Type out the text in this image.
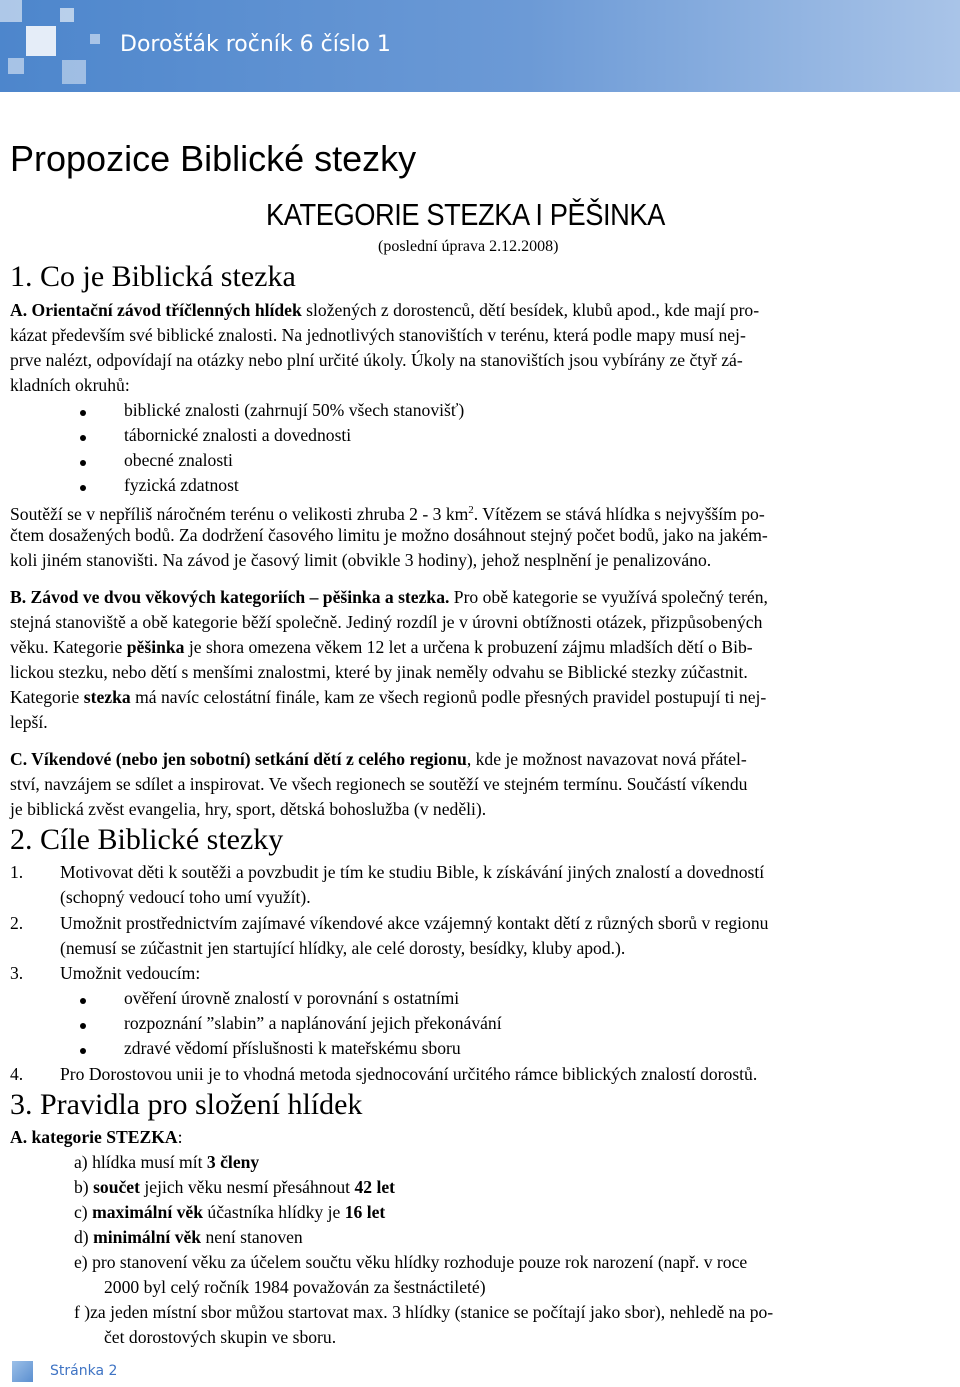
Dorošťák ročník 6 číslo 1
Propozice Biblické stezky
KATEGORIE STEZKA I PĚŠINKA
(poslední úprava 2.12.2008)
1. Co je Biblická stezka
A. Orientační závod tříčlenných hlídek složených z dorostenců, dětí besídek, klubů apod., kde mají pro-
kázat především své biblické znalosti. Na jednotlivých stanovištích v terénu, která podle mapy musí nej-
prve nalézt, odpovídají na otázky nebo plní určité úkoly. Úkoly na stanovištích jsou vybírány ze čtyř zá-
kladních okruhů:
biblické znalosti (zahrnují 50% všech stanovišť)
tábornické znalosti a dovednosti
obecné znalosti
fyzická zdatnost
Soutěží se v nepříliš náročném terénu o velikosti zhruba 2 - 3 $km^2$. Vítězem se stává hlídka s nejvyšším po-
čtem dosažených bodů. Za dodržení časového limitu je možno dosáhnout stejný počet bodů, jako na jakém-
koli jiném stanovišti. Na závod je časový limit (obvikle 3 hodiny), jehož nesplnění je penalizováno.
B. Závod ve dvou věkových kategoriích – pěšinka a stezka. Pro obě kategorie se využívá společný terén,
stejná stanoviště a obě kategorie běží společně. Jediný rozdíl je v úrovni obtížnosti otázek, přizpůsobených
věku. Kategorie pěšinka je shora omezena věkem 12 let a určena k probuzení zájmu mladších dětí o Bib-
lickou stezku, nebo dětí s menšími znalostmi, které by jinak neměly odvahu se Biblické stezky zúčastnit.
Kategorie stezka má navíc celostátní finále, kam ze všech regionů podle přesných pravidel postupují ti nej-
lepší.
C. Víkendové (nebo jen sobotní) setkání dětí z celého regionu, kde je možnost navazovat nová přátel-
ství, navzájem se sdílet a inspirovat. Ve všech regionech se soutěží ve stejném termínu. Součástí víkendu
je biblická zvěst evangelia, hry, sport, dětská bohoslužba (v neděli).
2. Cíle Biblické stezky
1. Motivovat děti k soutěži a povzbudit je tím ke studiu Bible, k získávání jiných znalostí a dovedností
(schopný vedoucí toho umí využít).
2. Umožnit prostřednictvím zajímavé víkendové akce vzájemný kontakt dětí z různých sborů v regionu
(nemusí se zúčastnit jen startující hlídky, ale celé dorosty, besídky, kluby apod.).
3. Umožnit vedoucím:
ověření úrovně znalostí v porovnání s ostatními
rozpoznání ”slabin” a naplánování jejich překonávání
zdravé vědomí příslušnosti k mateřskému sboru
4. Pro Dorostovou unii je to vhodná metoda sjednocování určitého rámce biblických znalostí dorostů.
3. Pravidla pro složení hlídek
A. kategorie STEZKA:
a) hlídka musí mít 3 členy
b) součet jejich věku nesmí přesáhnout 42 let
c) maximální věk účastníka hlídky je 16 let
d) minimální věk není stanoven
e) pro stanovení věku za účelem součtu věku hlídky rozhoduje pouze rok narození (např. v roce
2000 byl celý ročník 1984 považován za šestnáctileté)
f )za jeden místní sbor můžou startovat max. 3 hlídky (stanice se počítají jako sbor), nehledě na po-
čet dorostových skupin ve sboru.
Stránka 2
